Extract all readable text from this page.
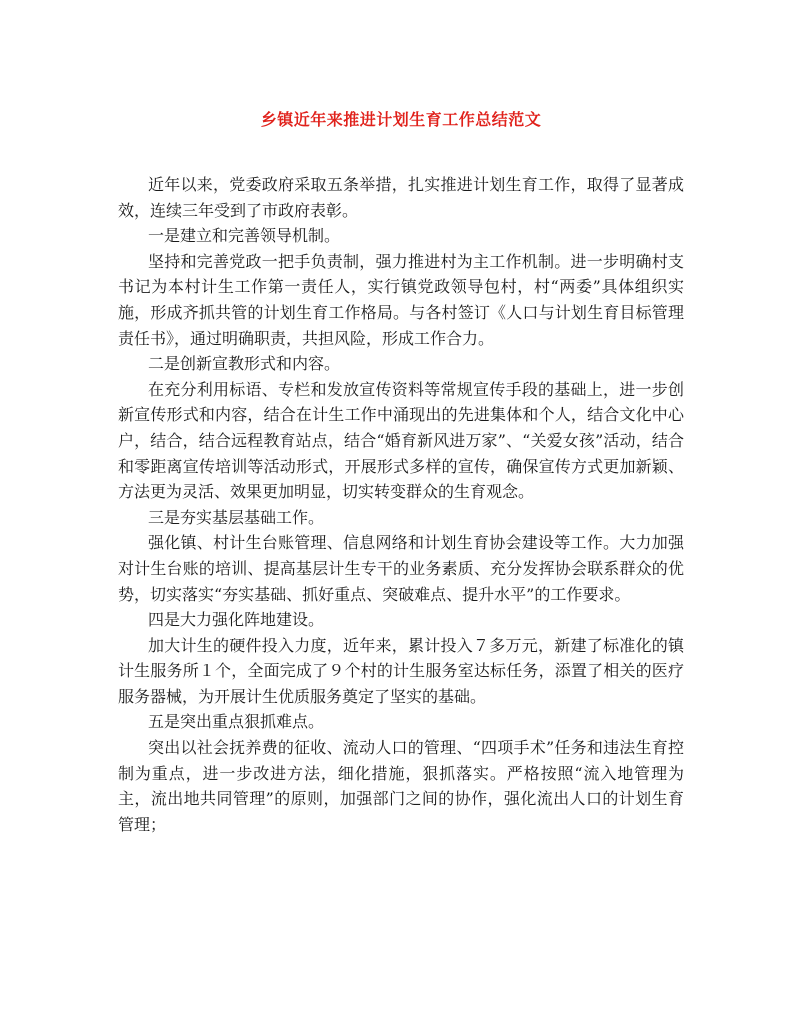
乡镇近年来推进计划生育工作总结范文

近年以来，党委政府采取五条举措，扎实推进计划生育工作，取得了显著成效，连续三年受到了市政府表彰。

一是建立和完善领导机制。

坚持和完善党政一把手负责制，强力推进村为主工作机制。进一步明确村支书记为本村计生工作第一责任人，实行镇党政领导包村，村“两委”具体组织实施，形成齐抓共管的计划生育工作格局。与各村签订《人口与计划生育目标管理责任书》，通过明确职责，共担风险，形成工作合力。

二是创新宣教形式和内容。

在充分利用标语、专栏和发放宣传资料等常规宣传手段的基础上，进一步创新宣传形式和内容，结合在计生工作中涌现出的先进集体和个人，结合文化中心户，结合，结合远程教育站点，结合“婚育新风进万家”、“关爱女孩”活动，结合和零距离宣传培训等活动形式，开展形式多样的宣传，确保宣传方式更加新颖、方法更为灵活、效果更加明显，切实转变群众的生育观念。

三是夯实基层基础工作。

强化镇、村计生台账管理、信息网络和计划生育协会建设等工作。大力加强对计生台账的培训、提高基层计生专干的业务素质、充分发挥协会联系群众的优势，切实落实“夯实基础、抓好重点、突破难点、提升水平”的工作要求。

四是大力强化阵地建设。

加大计生的硬件投入力度，近年来，累计投入７多万元，新建了标准化的镇计生服务所１个，全面完成了９个村的计生服务室达标任务，添置了相关的医疗服务器械，为开展计生优质服务奠定了坚实的基础。

五是突出重点狠抓难点。

突出以社会抚养费的征收、流动人口的管理、“四项手术”任务和违法生育控制为重点，进一步改进方法，细化措施，狠抓落实。严格按照“流入地管理为主，流出地共同管理”的原则，加强部门之间的协作，强化流出人口的计划生育管理；
